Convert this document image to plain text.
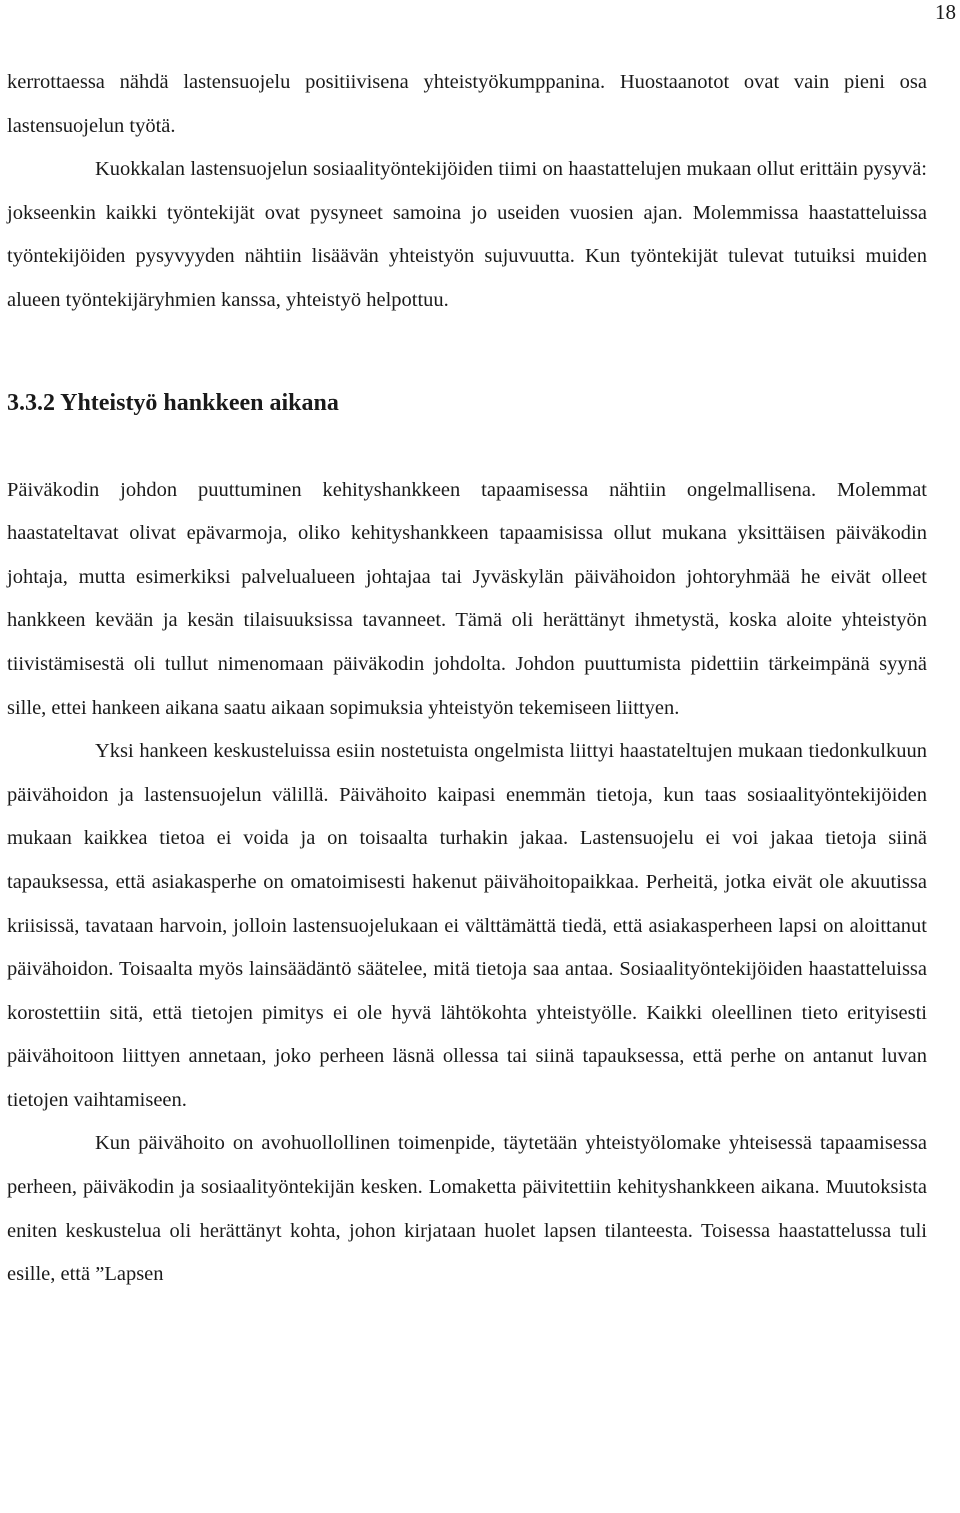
18

kerrottaessa nähdä lastensuojelu positiivisena yhteistyökumppanina. Huostaanotot ovat vain pieni osa lastensuojelun työtä.

Kuokkalan lastensuojelun sosiaalityöntekijöiden tiimi on haastattelujen mukaan ollut erittäin pysyvä: jokseenkin kaikki työntekijät ovat pysyneet samoina jo useiden vuosien ajan. Molemmissa haastatteluissa työntekijöiden pysyvyyden nähtiin lisäävän yhteistyön sujuvuutta. Kun työntekijät tulevat tutuiksi muiden alueen työntekijäryhmien kanssa, yhteistyö helpottuu.

3.3.2 Yhteistyö hankkeen aikana

Päiväkodin johdon puuttuminen kehityshankkeen tapaamisessa nähtiin ongelmallisena. Molemmat haastateltavat olivat epävarmoja, oliko kehityshankkeen tapaamisissa ollut mukana yksittäisen päiväkodin johtaja, mutta esimerkiksi palvelualueen johtajaa tai Jyväskylän päivähoidon johtoryhmää he eivät olleet hankkeen kevään ja kesän tilaisuuksissa tavanneet. Tämä oli herättänyt ihmetystä, koska aloite yhteistyön tiivistämisestä oli tullut nimenomaan päiväkodin johdolta. Johdon puuttumista pidettiin tärkeimpänä syynä sille, ettei hankeen aikana saatu aikaan sopimuksia yhteistyön tekemiseen liittyen.

Yksi hankeen keskusteluissa esiin nostetuista ongelmista liittyi haastateltujen mukaan tiedonkulkuun päivähoidon ja lastensuojelun välillä. Päivähoito kaipasi enemmän tietoja, kun taas sosiaalityöntekijöiden mukaan kaikkea tietoa ei voida ja on toisaalta turhakin jakaa. Lastensuojelu ei voi jakaa tietoja siinä tapauksessa, että asiakasperhe on omatoimisesti hakenut päivähoitopaikkaa. Perheitä, jotka eivät ole akuutissa kriisissä, tavataan harvoin, jolloin lastensuojelukaan ei välttämättä tiedä, että asiakasperheen lapsi on aloittanut päivähoidon. Toisaalta myös lainsäädäntö säätelee, mitä tietoja saa antaa. Sosiaalityöntekijöiden haastatteluissa korostettiin sitä, että tietojen pimitys ei ole hyvä lähtökohta yhteistyölle. Kaikki oleellinen tieto erityisesti päivähoitoon liittyen annetaan, joko perheen läsnä ollessa tai siinä tapauksessa, että perhe on antanut luvan tietojen vaihtamiseen.

Kun päivähoito on avohuollollinen toimenpide, täytetään yhteistyölomake yhteisessä tapaamisessa perheen, päiväkodin ja sosiaalityöntekijän kesken. Lomaketta päivitettiin kehityshankkeen aikana. Muutoksista eniten keskustelua oli herättänyt kohta, johon kirjataan huolet lapsen tilanteesta. Toisessa haastattelussa tuli esille, että ”Lapsen
